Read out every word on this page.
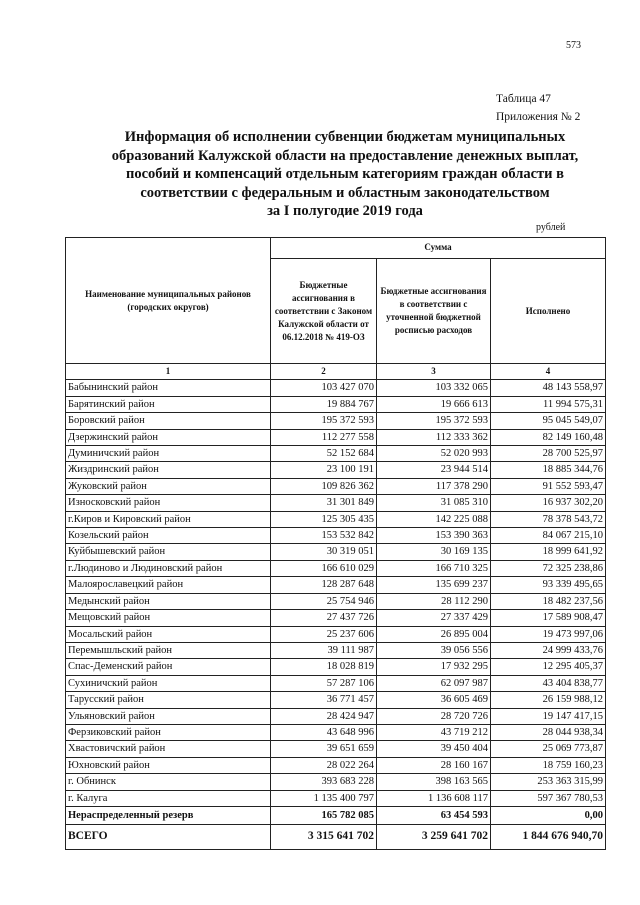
573
Таблица 47
Приложения № 2
Информация об исполнении субвенции бюджетам муниципальных
образований Калужской области на предоставление денежных выплат,
пособий и компенсаций отдельным категориям граждан области в
соответствии с федеральным и областным законодательством
за I полугодие 2019 года
рублей
Наименование муниципальных районов (городских округов)	Сумма		
	Бюджетные ассигнования в соответствии с Законом Калужской области от 06.12.2018 № 419-ОЗ	Бюджетные ассигнования в соответствии с уточненной бюджетной росписью расходов	Исполнено
1	2	3	4
Бабынинский район	103 427 070	103 332 065	48 143 558,97
Барятинский район	19 884 767	19 666 613	11 994 575,31
Боровский район	195 372 593	195 372 593	95 045 549,07
Дзержинский район	112 277 558	112 333 362	82 149 160,48
Думиничский район	52 152 684	52 020 993	28 700 525,97
Жиздринский район	23 100 191	23 944 514	18 885 344,76
Жуковский район	109 826 362	117 378 290	91 552 593,47
Износковский район	31 301 849	31 085 310	16 937 302,20
г.Киров и Кировский район	125 305 435	142 225 088	78 378 543,72
Козельский район	153 532 842	153 390 363	84 067 215,10
Куйбышевский район	30 319 051	30 169 135	18 999 641,92
г.Людиново и Людиновский район	166 610 029	166 710 325	72 325 238,86
Малоярославецкий район	128 287 648	135 699 237	93 339 495,65
Медынский район	25 754 946	28 112 290	18 482 237,56
Мещовский район	27 437 726	27 337 429	17 589 908,47
Мосальский район	25 237 606	26 895 004	19 473 997,06
Перемышльский район	39 111 987	39 056 556	24 999 433,76
Спас-Деменский район	18 028 819	17 932 295	12 295 405,37
Сухиничский район	57 287 106	62 097 987	43 404 838,77
Тарусский район	36 771 457	36 605 469	26 159 988,12
Ульяновский район	28 424 947	28 720 726	19 147 417,15
Ферзиковский район	43 648 996	43 719 212	28 044 938,34
Хвастовичский район	39 651 659	39 450 404	25 069 773,87
Юхновский район	28 022 264	28 160 167	18 759 160,23
г. Обнинск	393 683 228	398 163 565	253 363 315,99
г. Калуга	1 135 400 797	1 136 608 117	597 367 780,53
Нераспределенный резерв	165 782 085	63 454 593	0,00
ВСЕГО	3 315 641 702	3 259 641 702	1 844 676 940,70
